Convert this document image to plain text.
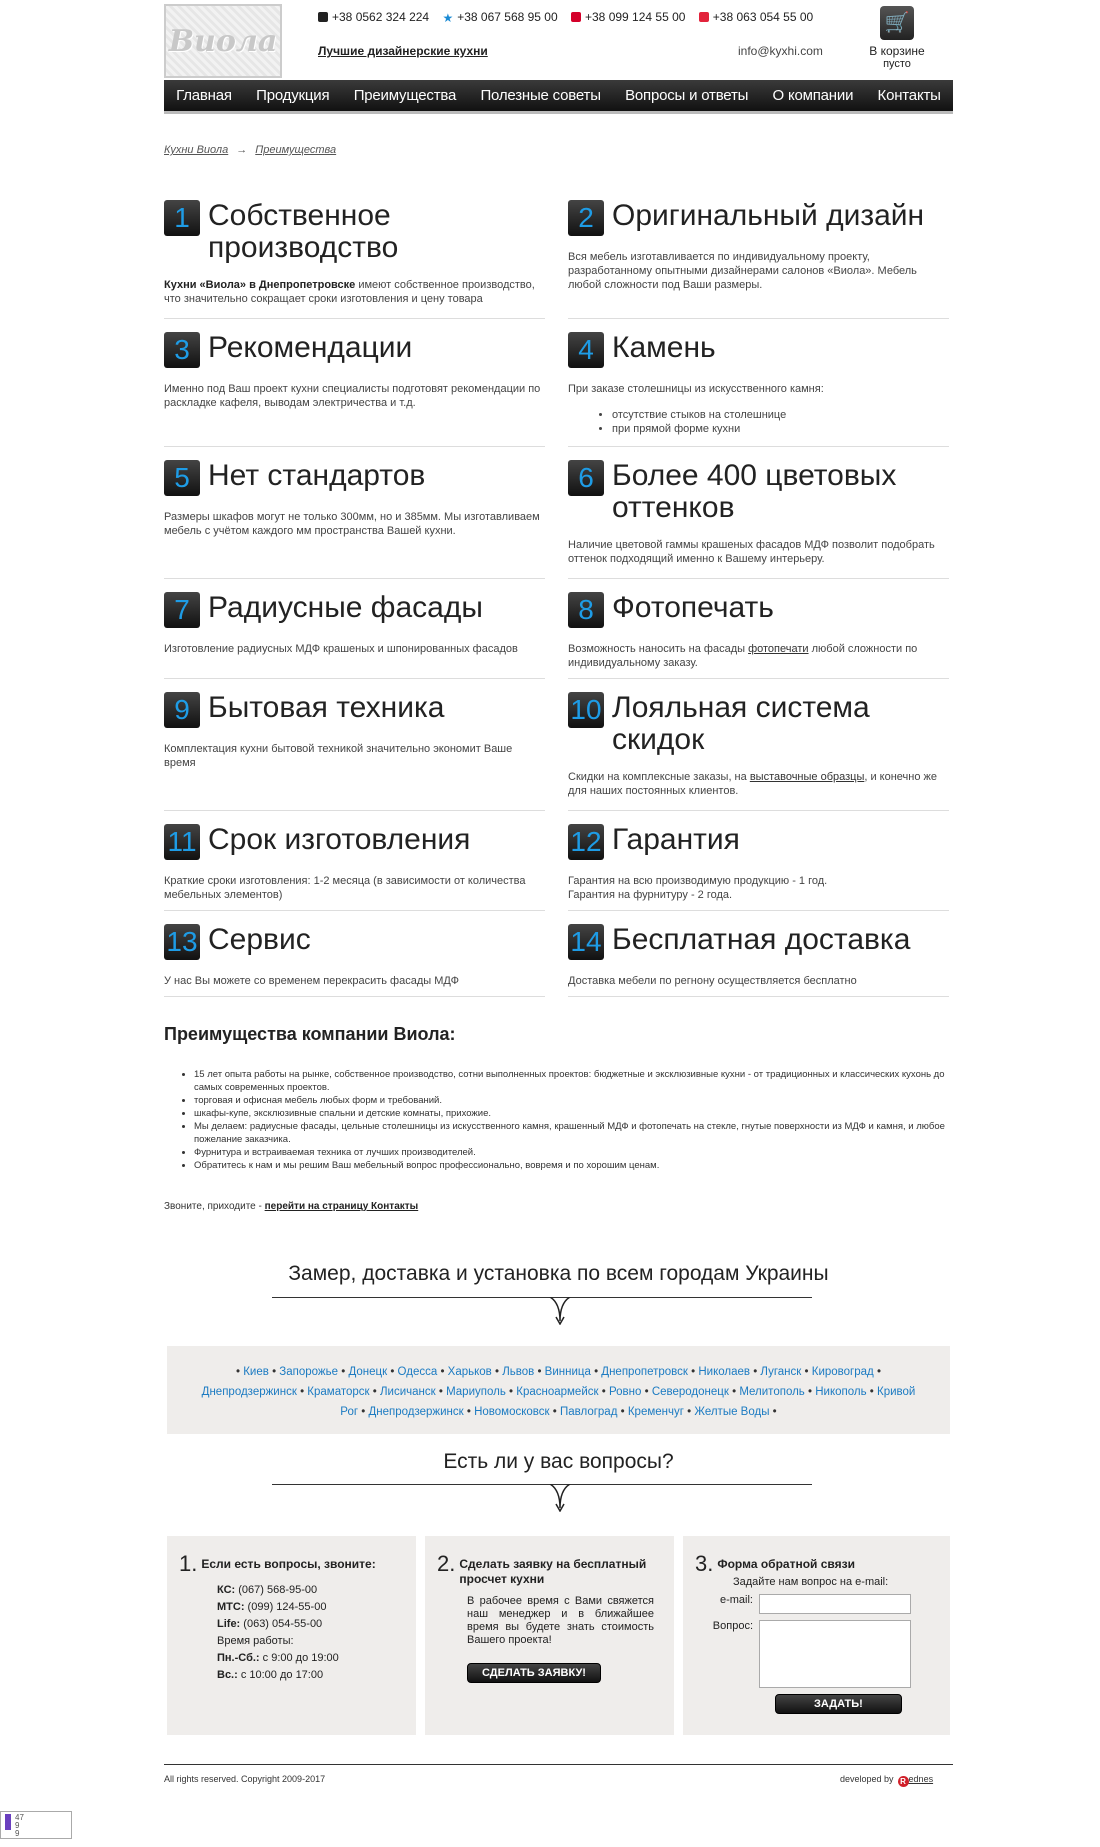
Виола
+38 0562 324 224 ★ +38 067 568 95 00 +38 099 124 55 00 +38 063 054 55 00
Лучшие дизайнерские кухни	info@kyxhi.com
🛒
В корзине
пусто
Главная Продукция Преимущества Полезные советы Вопросы и ответы О компании Контакты
Кухни Виола → Преимущества
1 Собственное производство
Кухни «Виола» в Днепропетровске имеют собственное производство, что значительно сокращает сроки изготовления и цену товара
2 Оригинальный дизайн
Вся мебель изготавливается по индивидуальному проекту, разработанному опытными дизайнерами салонов «Виола». Мебель любой сложности под Ваши размеры.
3 Рекомендации
Именно под Ваш проект кухни специалисты подготовят рекомендации по раскладке кафеля, выводам электричества и т.д.
4 Камень
При заказе столешницы из искусственного камня:
• отсутствие стыков на столешнице
• при прямой форме кухни
5 Нет стандартов
Размеры шкафов могут не только 300мм, но и 385мм. Мы изготавливаем мебель с учётом каждого мм пространства Вашей кухни.
6 Более 400 цветовых оттенков
Наличие цветовой гаммы крашеных фасадов МДФ позволит подобрать оттенок подходящий именно к Вашему интерьеру.
7 Радиусные фасады
Изготовление радиусных МДФ крашеных и шпонированных фасадов
8 Фотопечать
Возможность наносить на фасады фотопечати любой сложности по индивидуальному заказу.
9 Бытовая техника
Комплектация кухни бытовой техникой значительно экономит Ваше время
10 Лояльная система скидок
Скидки на комплексные заказы, на выставочные образцы, и конечно же для наших постоянных клиентов.
11 Срок изготовления
Краткие сроки изготовления: 1-2 месяца (в зависимости от количества мебельных элементов)
12 Гарантия
Гарантия на всю производимую продукцию - 1 год.
Гарантия на фурнитуру - 2 года.
13 Сервис
У нас Вы можете со временем перекрасить фасады МДФ
14 Бесплатная доставка
Доставка мебели по регнону осуществляется бесплатно
Преимущества компании Виола:
• 15 лет опыта работы на рынке, собственное производство, сотни выполненных проектов: бюджетные и эксклюзивные кухни - от традиционных и классических кухонь до самых современных проектов.
• торговая и офисная мебель любых форм и требований.
• шкафы-купе, эксклюзивные спальни и детские комнаты, прихожие.
• Мы делаем: радиусные фасады, цельные столешницы из искусственного камня, крашенный МДФ и фотопечать на стекле, гнутые поверхности из МДФ и камня, и любое пожелание заказчика.
• Фурнитура и встраиваемая техника от лучших производителей.
• Обратитесь к нам и мы решим Ваш мебельный вопрос профессионально, вовремя и по хорошим ценам.
Звоните, приходите - перейти на страницу Контакты
Замер, доставка и установка по всем городам Украины
• Киев • Запорожье • Донецк • Одесса • Харьков • Львов • Винница • Днепропетровск • Николаев • Луганск • Кировоград • Днепродзержинск • Краматорск • Лисичанск • Мариуполь • Красноармейск • Ровно • Северодонецк • Мелитополь • Никополь • Кривой Рог • Днепродзержинск • Новомосковск • Павлоград • Кременчуг • Желтые Воды •
Есть ли у вас вопросы?
1. Если есть вопросы, звоните:
КС: (067) 568-95-00
МТС: (099) 124-55-00
Life: (063) 054-55-00
Время работы:
Пн.-Сб.: с 9:00 до 19:00
Вс.: с 10:00 до 17:00
2. Сделать заявку на бесплатный просчет кухни
В рабочее время с Вами свяжется наш менеджер и в ближайшее время вы будете знать стоимость Вашего проекта!
СДЕЛАТЬ ЗАЯВКУ!
3. Форма обратной связи
Задайте нам вопрос на e-mail:
e-mail:
Вопрос:
ЗАДАТЬ!
All rights reserved. Copyright 2009-2017	developed by R ednes
47
9
9
